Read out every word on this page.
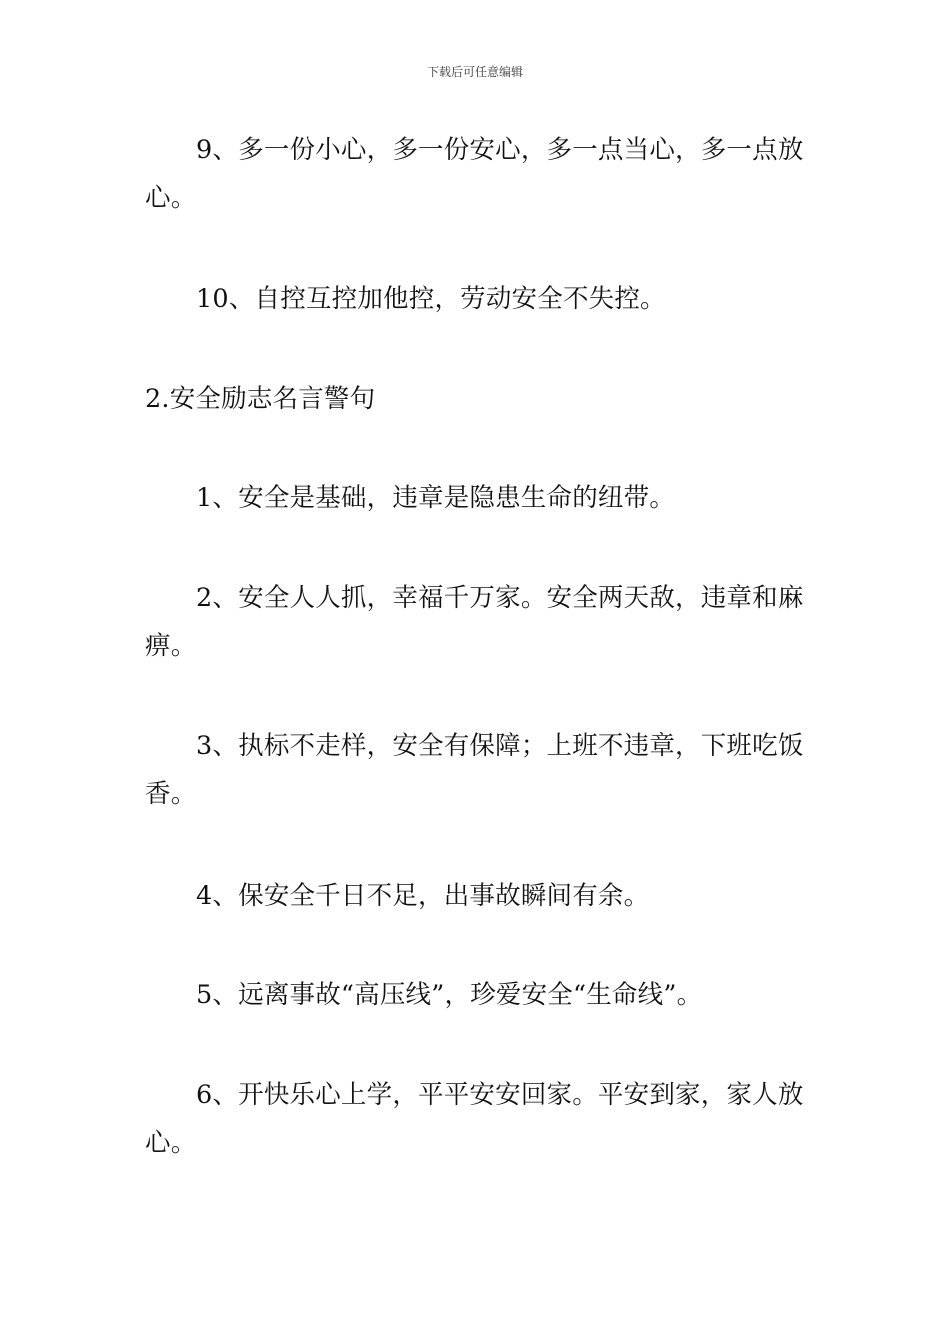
下载后可任意编辑

9、多一份小心，多一份安心，多一点当心，多一点放心。

10、自控互控加他控，劳动安全不失控。

2.安全励志名言警句

1、安全是基础，违章是隐患生命的纽带。

2、安全人人抓，幸福千万家。安全两天敌，违章和麻痹。

3、执标不走样，安全有保障；上班不违章，下班吃饭香。

4、保安全千日不足，出事故瞬间有余。

5、远离事故“高压线”，珍爱安全“生命线”。

6、开快乐心上学，平平安安回家。平安到家，家人放心。
